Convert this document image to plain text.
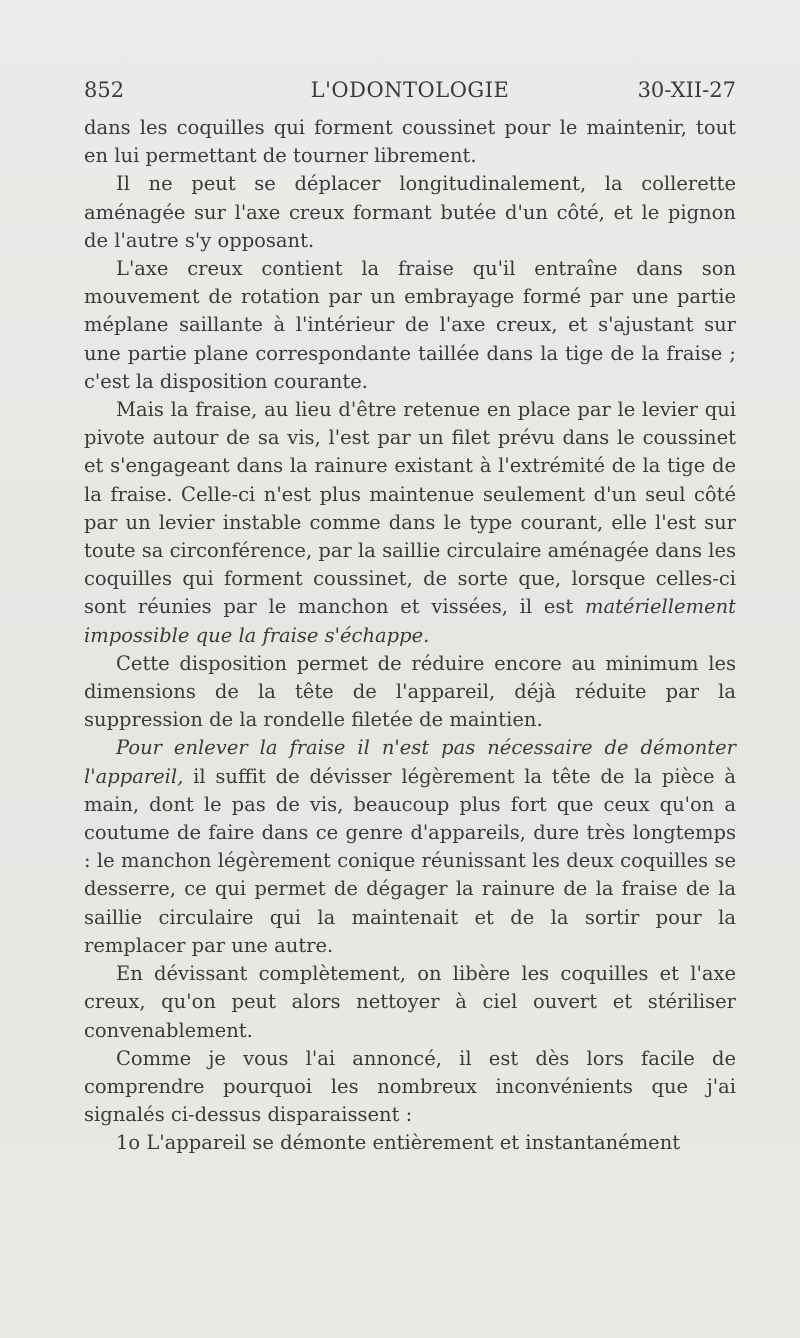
852	L'ODONTOLOGIE	30-XII-27

dans les coquilles qui forment coussinet pour le maintenir, tout en lui permettant de tourner librement.

Il ne peut se déplacer longitudinalement, la collerette aménagée sur l'axe creux formant butée d'un côté, et le pignon de l'autre s'y opposant.

L'axe creux contient la fraise qu'il entraîne dans son mouvement de rotation par un embrayage formé par une partie méplane saillante à l'intérieur de l'axe creux, et s'ajustant sur une partie plane correspondante taillée dans la tige de la fraise ; c'est la disposition courante.

Mais la fraise, au lieu d'être retenue en place par le levier qui pivote autour de sa vis, l'est par un filet prévu dans le coussinet et s'engageant dans la rainure existant à l'extrémité de la tige de la fraise. Celle-ci n'est plus maintenue seulement d'un seul côté par un levier instable comme dans le type courant, elle l'est sur toute sa circonférence, par la saillie circulaire aménagée dans les coquilles qui forment coussinet, de sorte que, lorsque celles-ci sont réunies par le manchon et vissées, il est matériellement impossible que la fraise s'échappe.

Cette disposition permet de réduire encore au minimum les dimensions de la tête de l'appareil, déjà réduite par la suppression de la rondelle filetée de maintien.

Pour enlever la fraise il n'est pas nécessaire de démonter l'appareil, il suffit de dévisser légèrement la tête de la pièce à main, dont le pas de vis, beaucoup plus fort que ceux qu'on a coutume de faire dans ce genre d'appareils, dure très longtemps : le manchon légèrement conique réunissant les deux coquilles se desserre, ce qui permet de dégager la rainure de la fraise de la saillie circulaire qui la maintenait et de la sortir pour la remplacer par une autre.

En dévissant complètement, on libère les coquilles et l'axe creux, qu'on peut alors nettoyer à ciel ouvert et stériliser convenablement.

Comme je vous l'ai annoncé, il est dès lors facile de comprendre pourquoi les nombreux inconvénients que j'ai signalés ci-dessus disparaissent :

1o L'appareil se démonte entièrement et instantanément
